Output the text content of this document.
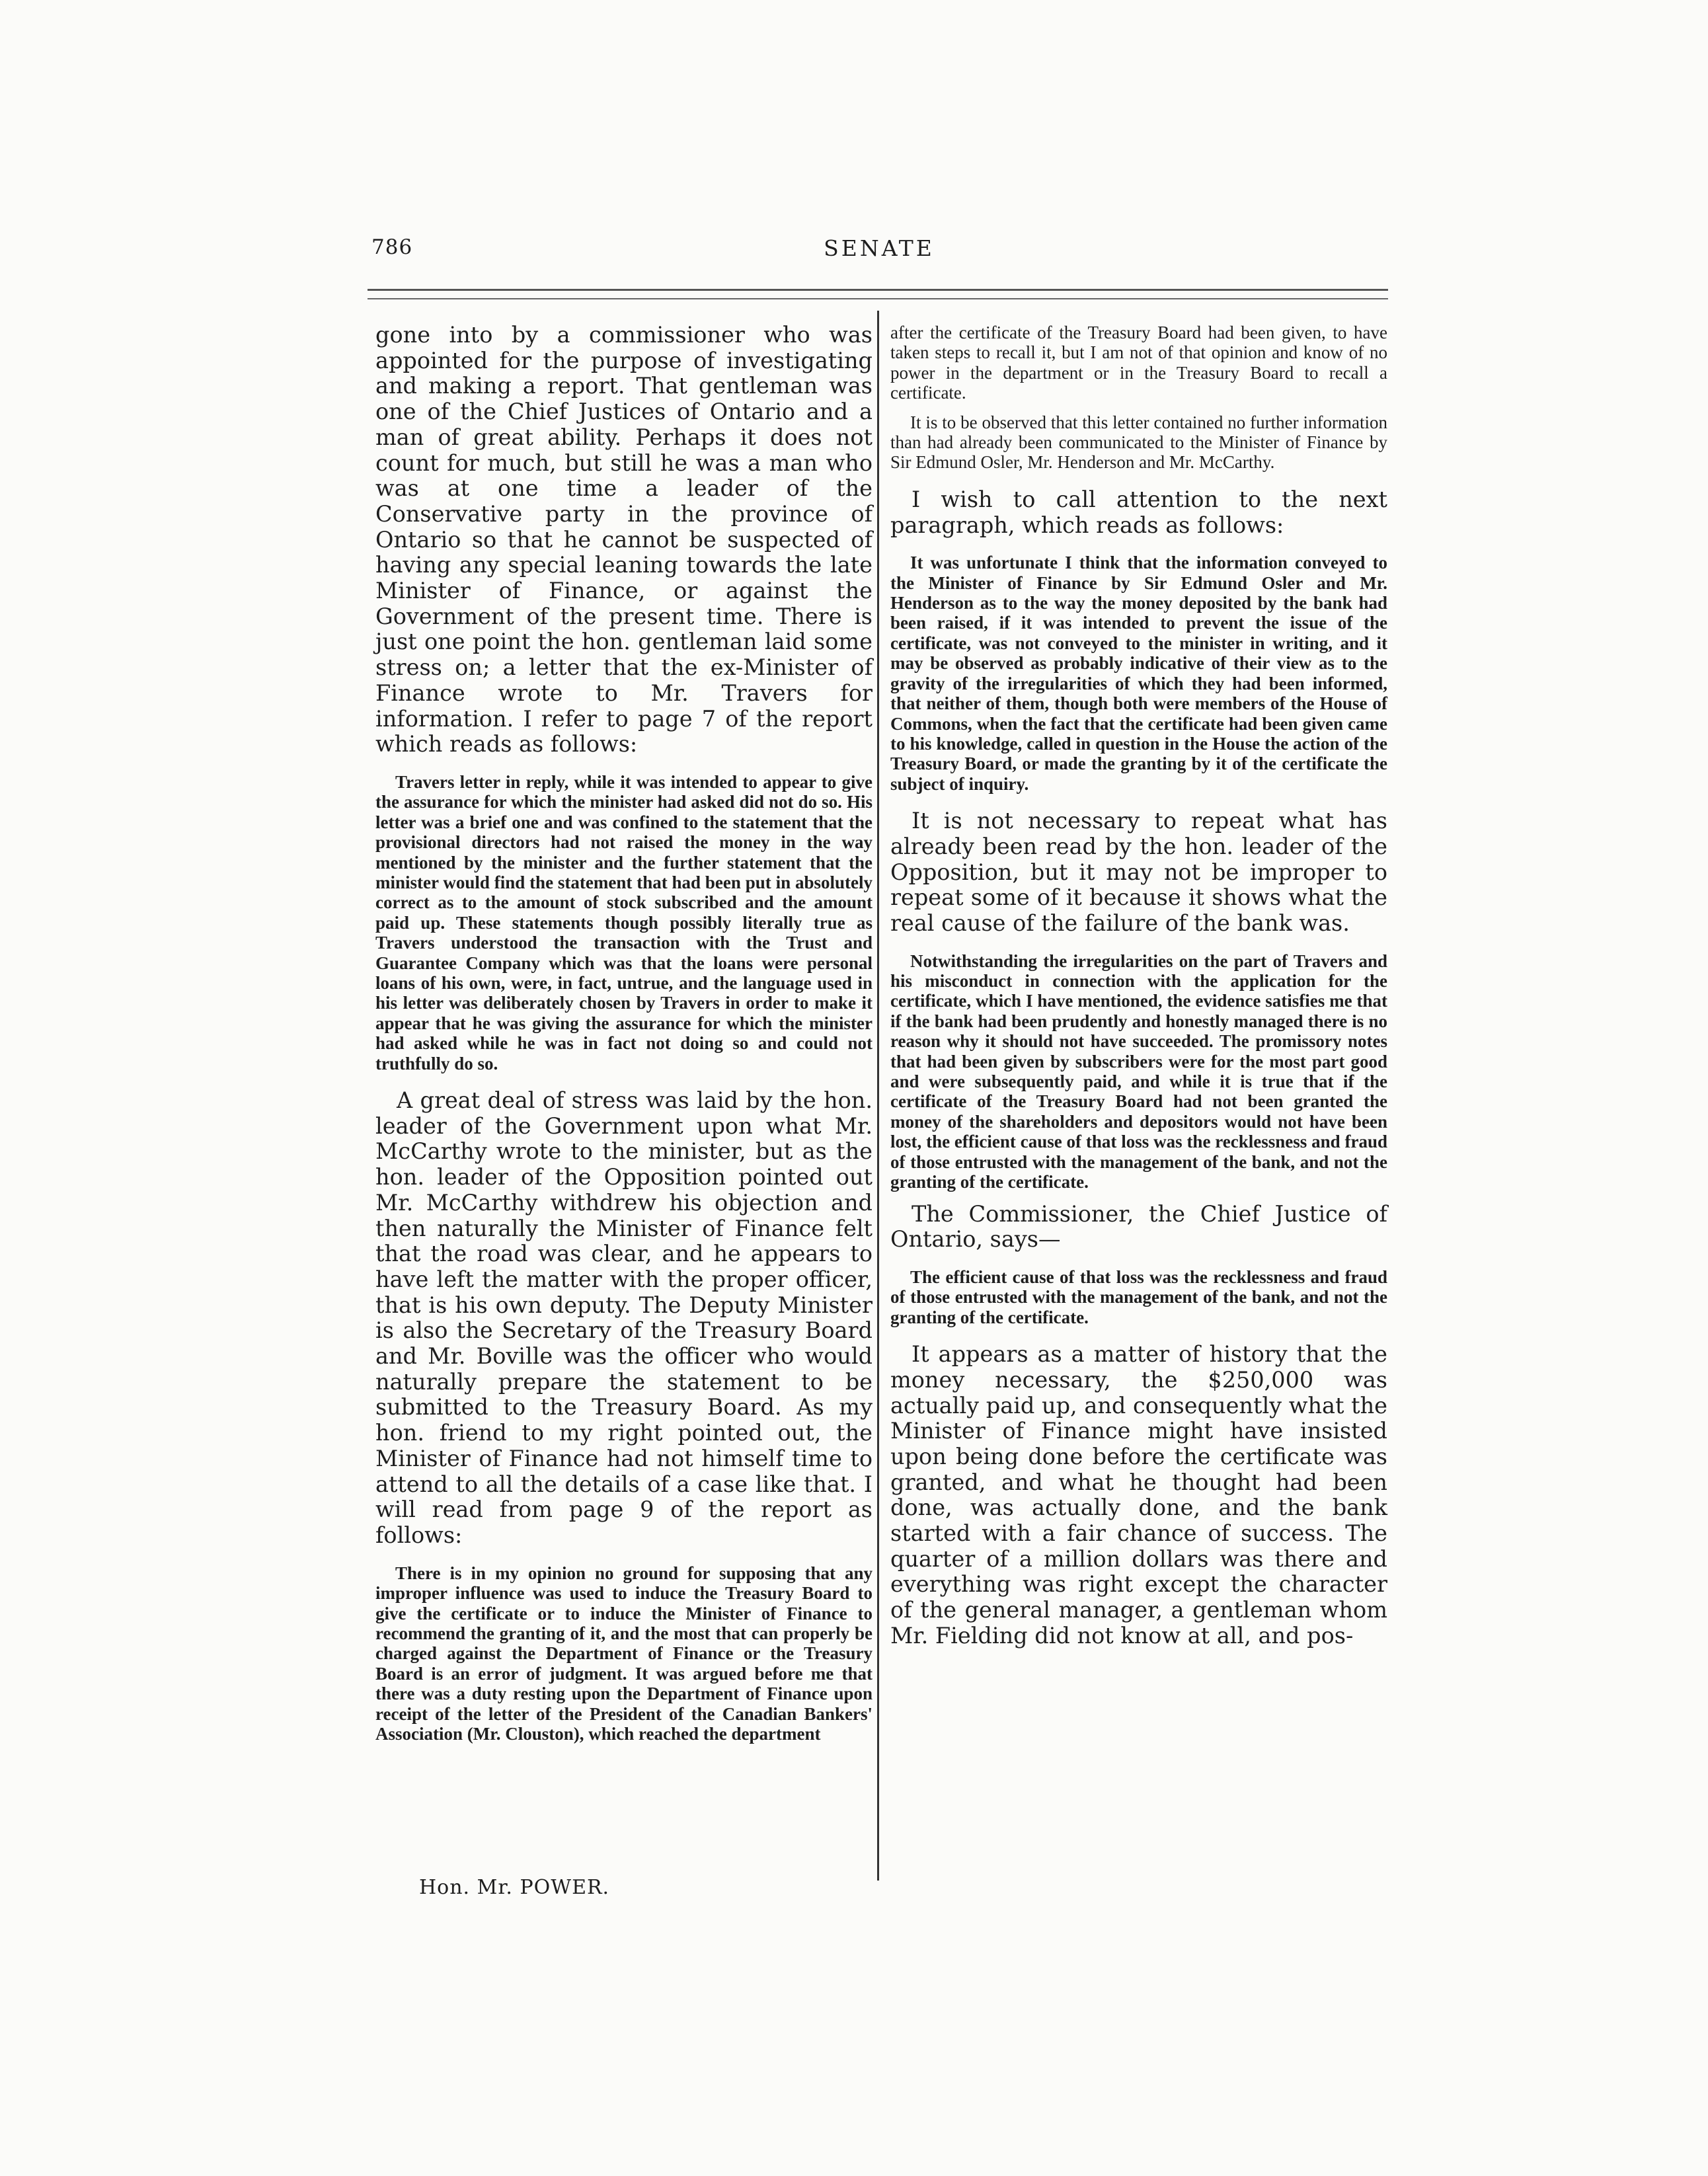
786	SENATE

gone into by a commissioner who was appointed for the purpose of investigating and making a report. That gentleman was one of the Chief Justices of Ontario and a man of great ability. Perhaps it does not count for much, but still he was a man who was at one time a leader of the Conservative party in the province of Ontario so that he cannot be suspected of having any special leaning towards the late Minister of Finance, or against the Government of the present time. There is just one point the hon. gentleman laid some stress on; a letter that the ex-Minister of Finance wrote to Mr. Travers for information. I refer to page 7 of the report which reads as follows:

Travers letter in reply, while it was intended to appear to give the assurance for which the minister had asked did not do so. His letter was a brief one and was confined to the statement that the provisional directors had not raised the money in the way mentioned by the minister and the further statement that the minister would find the statement that had been put in absolutely correct as to the amount of stock subscribed and the amount paid up. These statements though possibly literally true as Travers understood the transaction with the Trust and Guarantee Company which was that the loans were personal loans of his own, were, in fact, untrue, and the language used in his letter was deliberately chosen by Travers in order to make it appear that he was giving the assurance for which the minister had asked while he was in fact not doing so and could not truthfully do so.

A great deal of stress was laid by the hon. leader of the Government upon what Mr. McCarthy wrote to the minister, but as the hon. leader of the Opposition pointed out Mr. McCarthy withdrew his objection and then naturally the Minister of Finance felt that the road was clear, and he appears to have left the matter with the proper officer, that is his own deputy. The Deputy Minister is also the Secretary of the Treasury Board and Mr. Boville was the officer who would naturally prepare the statement to be submitted to the Treasury Board. As my hon. friend to my right pointed out, the Minister of Finance had not himself time to attend to all the details of a case like that. I will read from page 9 of the report as follows:

There is in my opinion no ground for supposing that any improper influence was used to induce the Treasury Board to give the certificate or to induce the Minister of Finance to recommend the granting of it, and the most that can properly be charged against the Department of Finance or the Treasury Board is an error of judgment. It was argued before me that there was a duty resting upon the Department of Finance upon receipt of the letter of the President of the Canadian Bankers' Association (Mr. Clouston), which reached the department

after the certificate of the Treasury Board had been given, to have taken steps to recall it, but I am not of that opinion and know of no power in the department or in the Treasury Board to recall a certificate.

It is to be observed that this letter contained no further information than had already been communicated to the Minister of Finance by Sir Edmund Osler, Mr. Henderson and Mr. McCarthy.

I wish to call attention to the next paragraph, which reads as follows:

It was unfortunate I think that the information conveyed to the Minister of Finance by Sir Edmund Osler and Mr. Henderson as to the way the money deposited by the bank had been raised, if it was intended to prevent the issue of the certificate, was not conveyed to the minister in writing, and it may be observed as probably indicative of their view as to the gravity of the irregularities of which they had been informed, that neither of them, though both were members of the House of Commons, when the fact that the certificate had been given came to his knowledge, called in question in the House the action of the Treasury Board, or made the granting by it of the certificate the subject of inquiry.

It is not necessary to repeat what has already been read by the hon. leader of the Opposition, but it may not be improper to repeat some of it because it shows what the real cause of the failure of the bank was.

Notwithstanding the irregularities on the part of Travers and his misconduct in connection with the application for the certificate, which I have mentioned, the evidence satisfies me that if the bank had been prudently and honestly managed there is no reason why it should not have succeeded. The promissory notes that had been given by subscribers were for the most part good and were subsequently paid, and while it is true that if the certificate of the Treasury Board had not been granted the money of the shareholders and depositors would not have been lost, the efficient cause of that loss was the recklessness and fraud of those entrusted with the management of the bank, and not the granting of the certificate.

The Commissioner, the Chief Justice of Ontario, says—

The efficient cause of that loss was the recklessness and fraud of those entrusted with the management of the bank, and not the granting of the certificate.

It appears as a matter of history that the money necessary, the $250,000 was actually paid up, and consequently what the Minister of Finance might have insisted upon being done before the certificate was granted, and what he thought had been done, was actually done, and the bank started with a fair chance of success. The quarter of a million dollars was there and everything was right except the character of the general manager, a gentleman whom Mr. Fielding did not know at all, and pos-

Hon. Mr. POWER.
